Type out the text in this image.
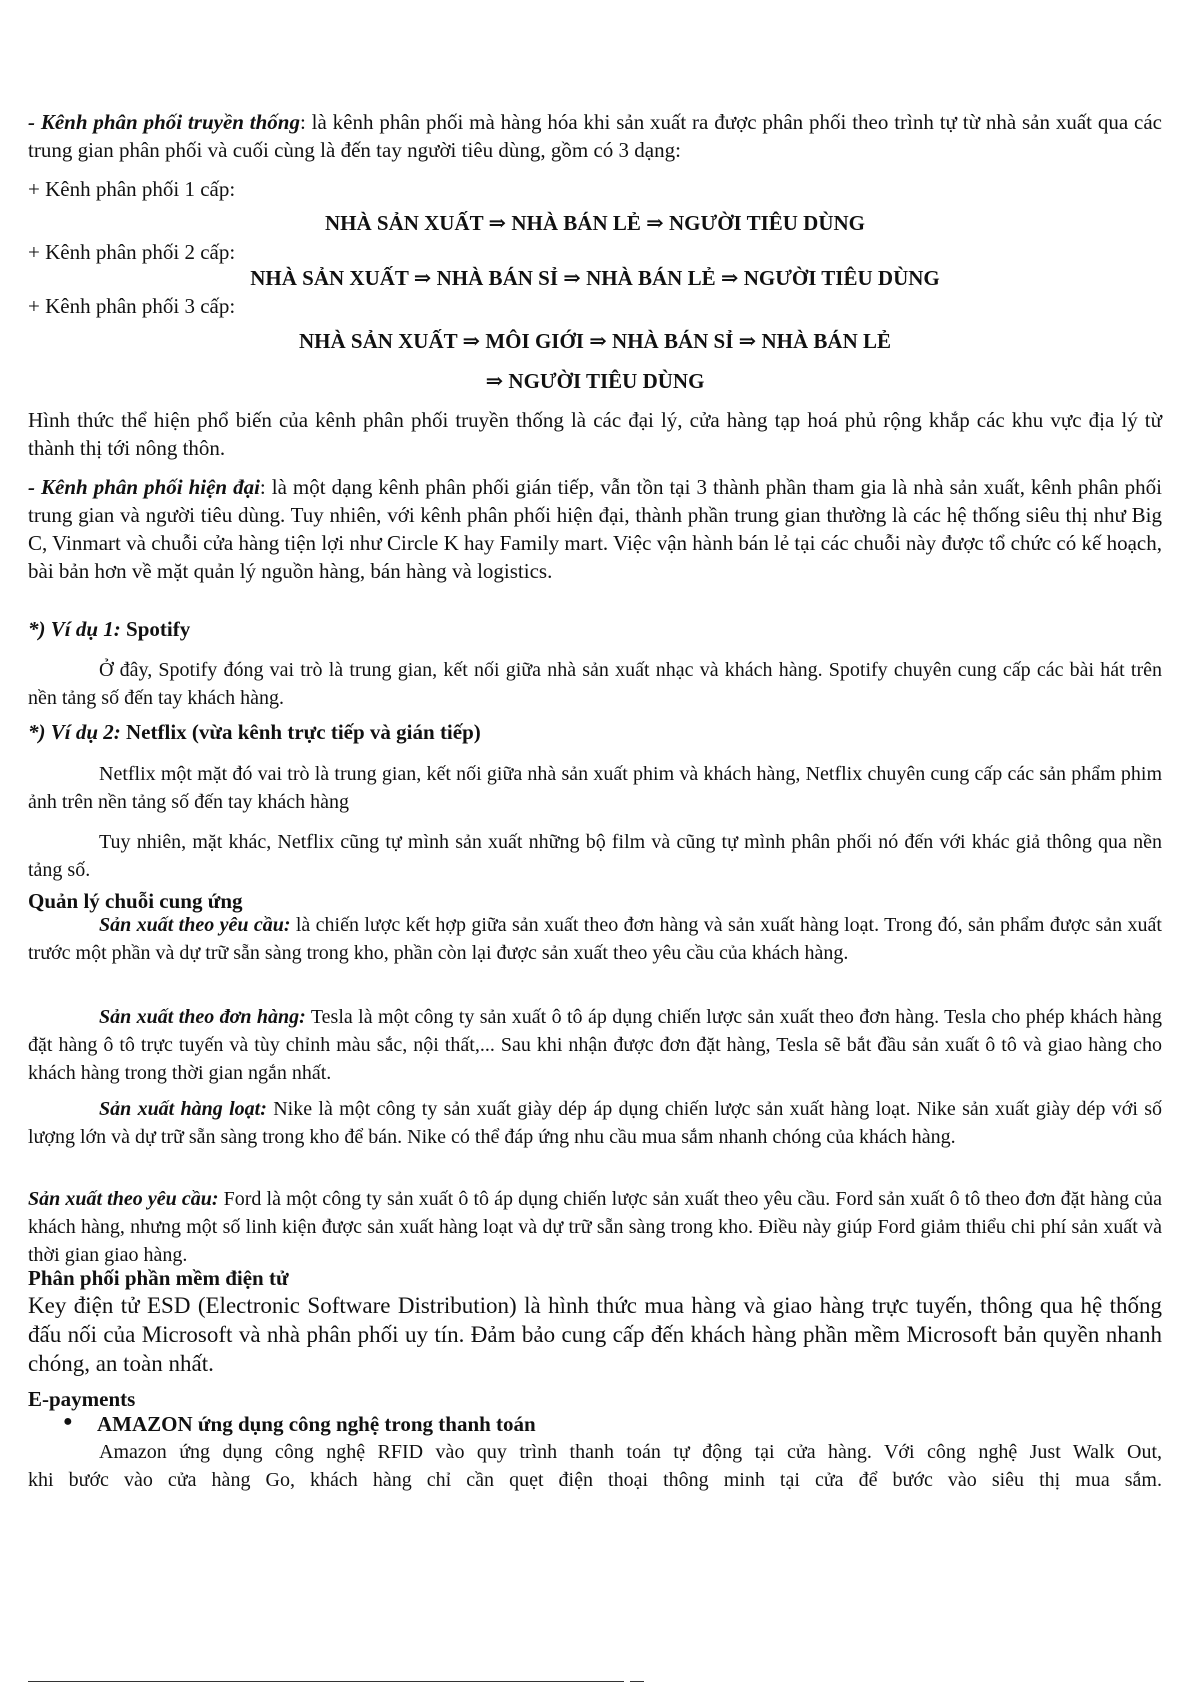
- Kênh phân phối truyền thống: là kênh phân phối mà hàng hóa khi sản xuất ra được phân phối theo trình tự từ nhà sản xuất qua các trung gian phân phối và cuối cùng là đến tay người tiêu dùng, gồm có 3 dạng:

+ Kênh phân phối 1 cấp:

NHÀ SẢN XUẤT ⇒ NHÀ BÁN LẺ ⇒ NGƯỜI TIÊU DÙNG

+ Kênh phân phối 2 cấp:

NHÀ SẢN XUẤT ⇒ NHÀ BÁN SỈ ⇒ NHÀ BÁN LẺ ⇒ NGƯỜI TIÊU DÙNG

+ Kênh phân phối 3 cấp:

NHÀ SẢN XUẤT ⇒ MÔI GIỚI ⇒ NHÀ BÁN SỈ ⇒ NHÀ BÁN LẺ

⇒ NGƯỜI TIÊU DÙNG

Hình thức thể hiện phổ biến của kênh phân phối truyền thống là các đại lý, cửa hàng tạp hoá phủ rộng khắp các khu vực địa lý từ thành thị tới nông thôn.

- Kênh phân phối hiện đại: là một dạng kênh phân phối gián tiếp, vẫn tồn tại 3 thành phần tham gia là nhà sản xuất, kênh phân phối trung gian và người tiêu dùng. Tuy nhiên, với kênh phân phối hiện đại, thành phần trung gian thường là các hệ thống siêu thị như Big C, Vinmart và chuỗi cửa hàng tiện lợi như Circle K hay Family mart. Việc vận hành bán lẻ tại các chuỗi này được tổ chức có kế hoạch, bài bản hơn về mặt quản lý nguồn hàng, bán hàng và logistics.

*) Ví dụ 1: Spotify

Ở đây, Spotify đóng vai trò là trung gian, kết nối giữa nhà sản xuất nhạc và khách hàng. Spotify chuyên cung cấp các bài hát trên nền tảng số đến tay khách hàng.

*) Ví dụ 2: Netflix (vừa kênh trực tiếp và gián tiếp)

Netflix một mặt đó vai trò là trung gian, kết nối giữa nhà sản xuất phim và khách hàng, Netflix chuyên cung cấp các sản phẩm phim ảnh trên nền tảng số đến tay khách hàng

Tuy nhiên, mặt khác, Netflix cũng tự mình sản xuất những bộ film và cũng tự mình phân phối nó đến với khác giả thông qua nền tảng số.

Quản lý chuỗi cung ứng

Sản xuất theo yêu cầu: là chiến lược kết hợp giữa sản xuất theo đơn hàng và sản xuất hàng loạt. Trong đó, sản phẩm được sản xuất trước một phần và dự trữ sẵn sàng trong kho, phần còn lại được sản xuất theo yêu cầu của khách hàng.

Sản xuất theo đơn hàng: Tesla là một công ty sản xuất ô tô áp dụng chiến lược sản xuất theo đơn hàng. Tesla cho phép khách hàng đặt hàng ô tô trực tuyến và tùy chỉnh màu sắc, nội thất,... Sau khi nhận được đơn đặt hàng, Tesla sẽ bắt đầu sản xuất ô tô và giao hàng cho khách hàng trong thời gian ngắn nhất.

Sản xuất hàng loạt: Nike là một công ty sản xuất giày dép áp dụng chiến lược sản xuất hàng loạt. Nike sản xuất giày dép với số lượng lớn và dự trữ sẵn sàng trong kho để bán. Nike có thể đáp ứng nhu cầu mua sắm nhanh chóng của khách hàng.

Sản xuất theo yêu cầu: Ford là một công ty sản xuất ô tô áp dụng chiến lược sản xuất theo yêu cầu. Ford sản xuất ô tô theo đơn đặt hàng của khách hàng, nhưng một số linh kiện được sản xuất hàng loạt và dự trữ sẵn sàng trong kho. Điều này giúp Ford giảm thiểu chi phí sản xuất và thời gian giao hàng.

Phân phối phần mềm điện tử

Key điện tử ESD (Electronic Software Distribution) là hình thức mua hàng và giao hàng trực tuyến, thông qua hệ thống đấu nối của Microsoft và nhà phân phối uy tín. Đảm bảo cung cấp đến khách hàng phần mềm Microsoft bản quyền nhanh chóng, an toàn nhất.

E-payments

● AMAZON ứng dụng công nghệ trong thanh toán

Amazon ứng dụng công nghệ RFID vào quy trình thanh toán tự động tại cửa hàng. Với công nghệ Just Walk Out,

khi bước vào cửa hàng Go, khách hàng chỉ cần quẹt điện thoại thông minh tại cửa để bước vào siêu thị mua sắm.
